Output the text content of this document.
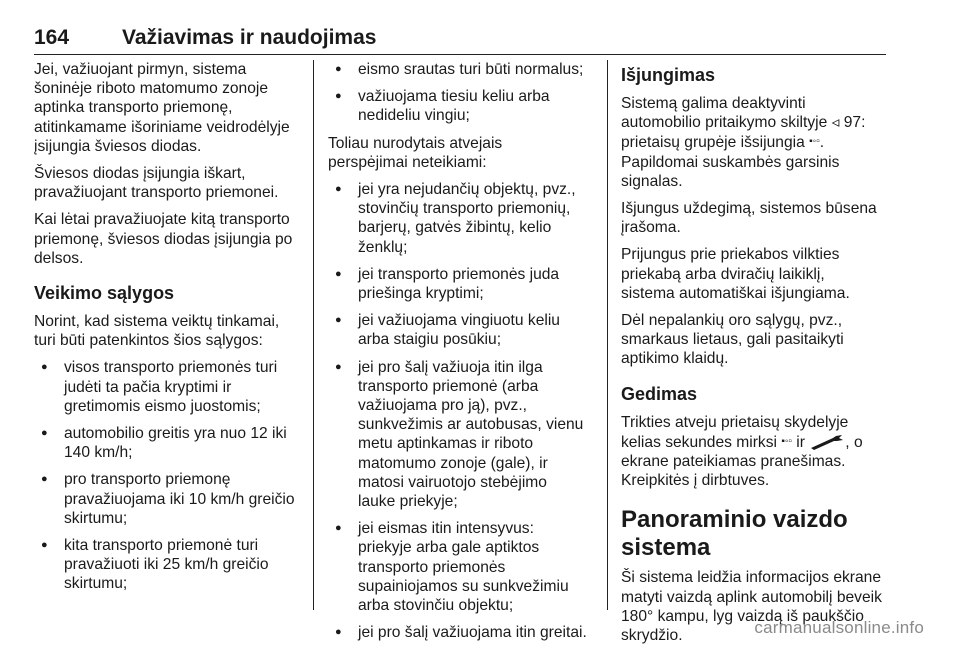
164	Važiavimas ir naudojimas

Jei, važiuojant pirmyn, sistema
šoninėje riboto matomumo zonoje
aptinka transporto priemonę,
atitinkamame išoriniame veidrodėlyje
įsijungia šviesos diodas.

Šviesos diodas įsijungia iškart,
pravažiuojant transporto priemonei.

Kai lėtai pravažiuojate kitą transporto
priemonę, šviesos diodas įsijungia po
delsos.

Veikimo sąlygos

Norint, kad sistema veiktų tinkamai,
turi būti patenkintos šios sąlygos:

● visos transporto priemonės turi
judėti ta pačia kryptimi ir
gretimomis eismo juostomis;
● automobilio greitis yra nuo 12 iki
140 km/h;
● pro transporto priemonę
pravažiuojama iki 10 km/h greičio
skirtumu;
● kita transporto priemonė turi
pravažiuoti iki 25 km/h greičio
skirtumu;
● eismo srautas turi būti normalus;
● važiuojama tiesiu keliu arba
nedideliu vingiu;

Toliau nurodytais atvejais
perspėjimai neteikiami:

● jei yra nejudančių objektų, pvz.,
stovinčių transporto priemonių,
barjerų, gatvės žibintų, kelio
ženklų;
● jei transporto priemonės juda
priešinga kryptimi;
● jei važiuojama vingiuotu keliu
arba staigiu posūkiu;
● jei pro šalį važiuoja itin ilga
transporto priemonė (arba
važiuojama pro ją), pvz.,
sunkvežimis ar autobusas, vienu
metu aptinkamas ir riboto
matomumo zonoje (gale), ir
matosi vairuotojo stebėjimo
lauke priekyje;
● jei eismas itin intensyvus:
priekyje arba gale aptiktos
transporto priemonės
supainiojamos su sunkvežimiu
arba stovinčiu objektu;
● jei pro šalį važiuojama itin greitai.
Išjungimas

Sistemą galima deaktyvinti
automobilio pritaikymo skiltyje ◃ 97:
prietaisų grupėje išsijungia ▪◦▫.
Papildomai suskambės garsinis
signalas.

Išjungus uždegimą, sistemos būsena
įrašoma.

Prijungus prie priekabos vilkties
priekabą arba dviračių laikiklį,
sistema automatiškai išjungiama.

Dėl nepalankių oro sąlygų, pvz.,
smarkaus lietaus, gali pasitaikyti
aptikimo klaidų.

Gedimas

Trikties atveju prietaisų skydelyje
kelias sekundes mirksi ▪◦▫ ir , o
ekrane pateikiamas pranešimas.
Kreipkitės į dirbtuves.

Panoraminio vaizdo
sistema

Ši sistema leidžia informacijos ekrane
matyti vaizdą aplink automobilį beveik
180° kampu, lyg vaizdą iš paukščio
skrydžio.	carmanualsonline.info
